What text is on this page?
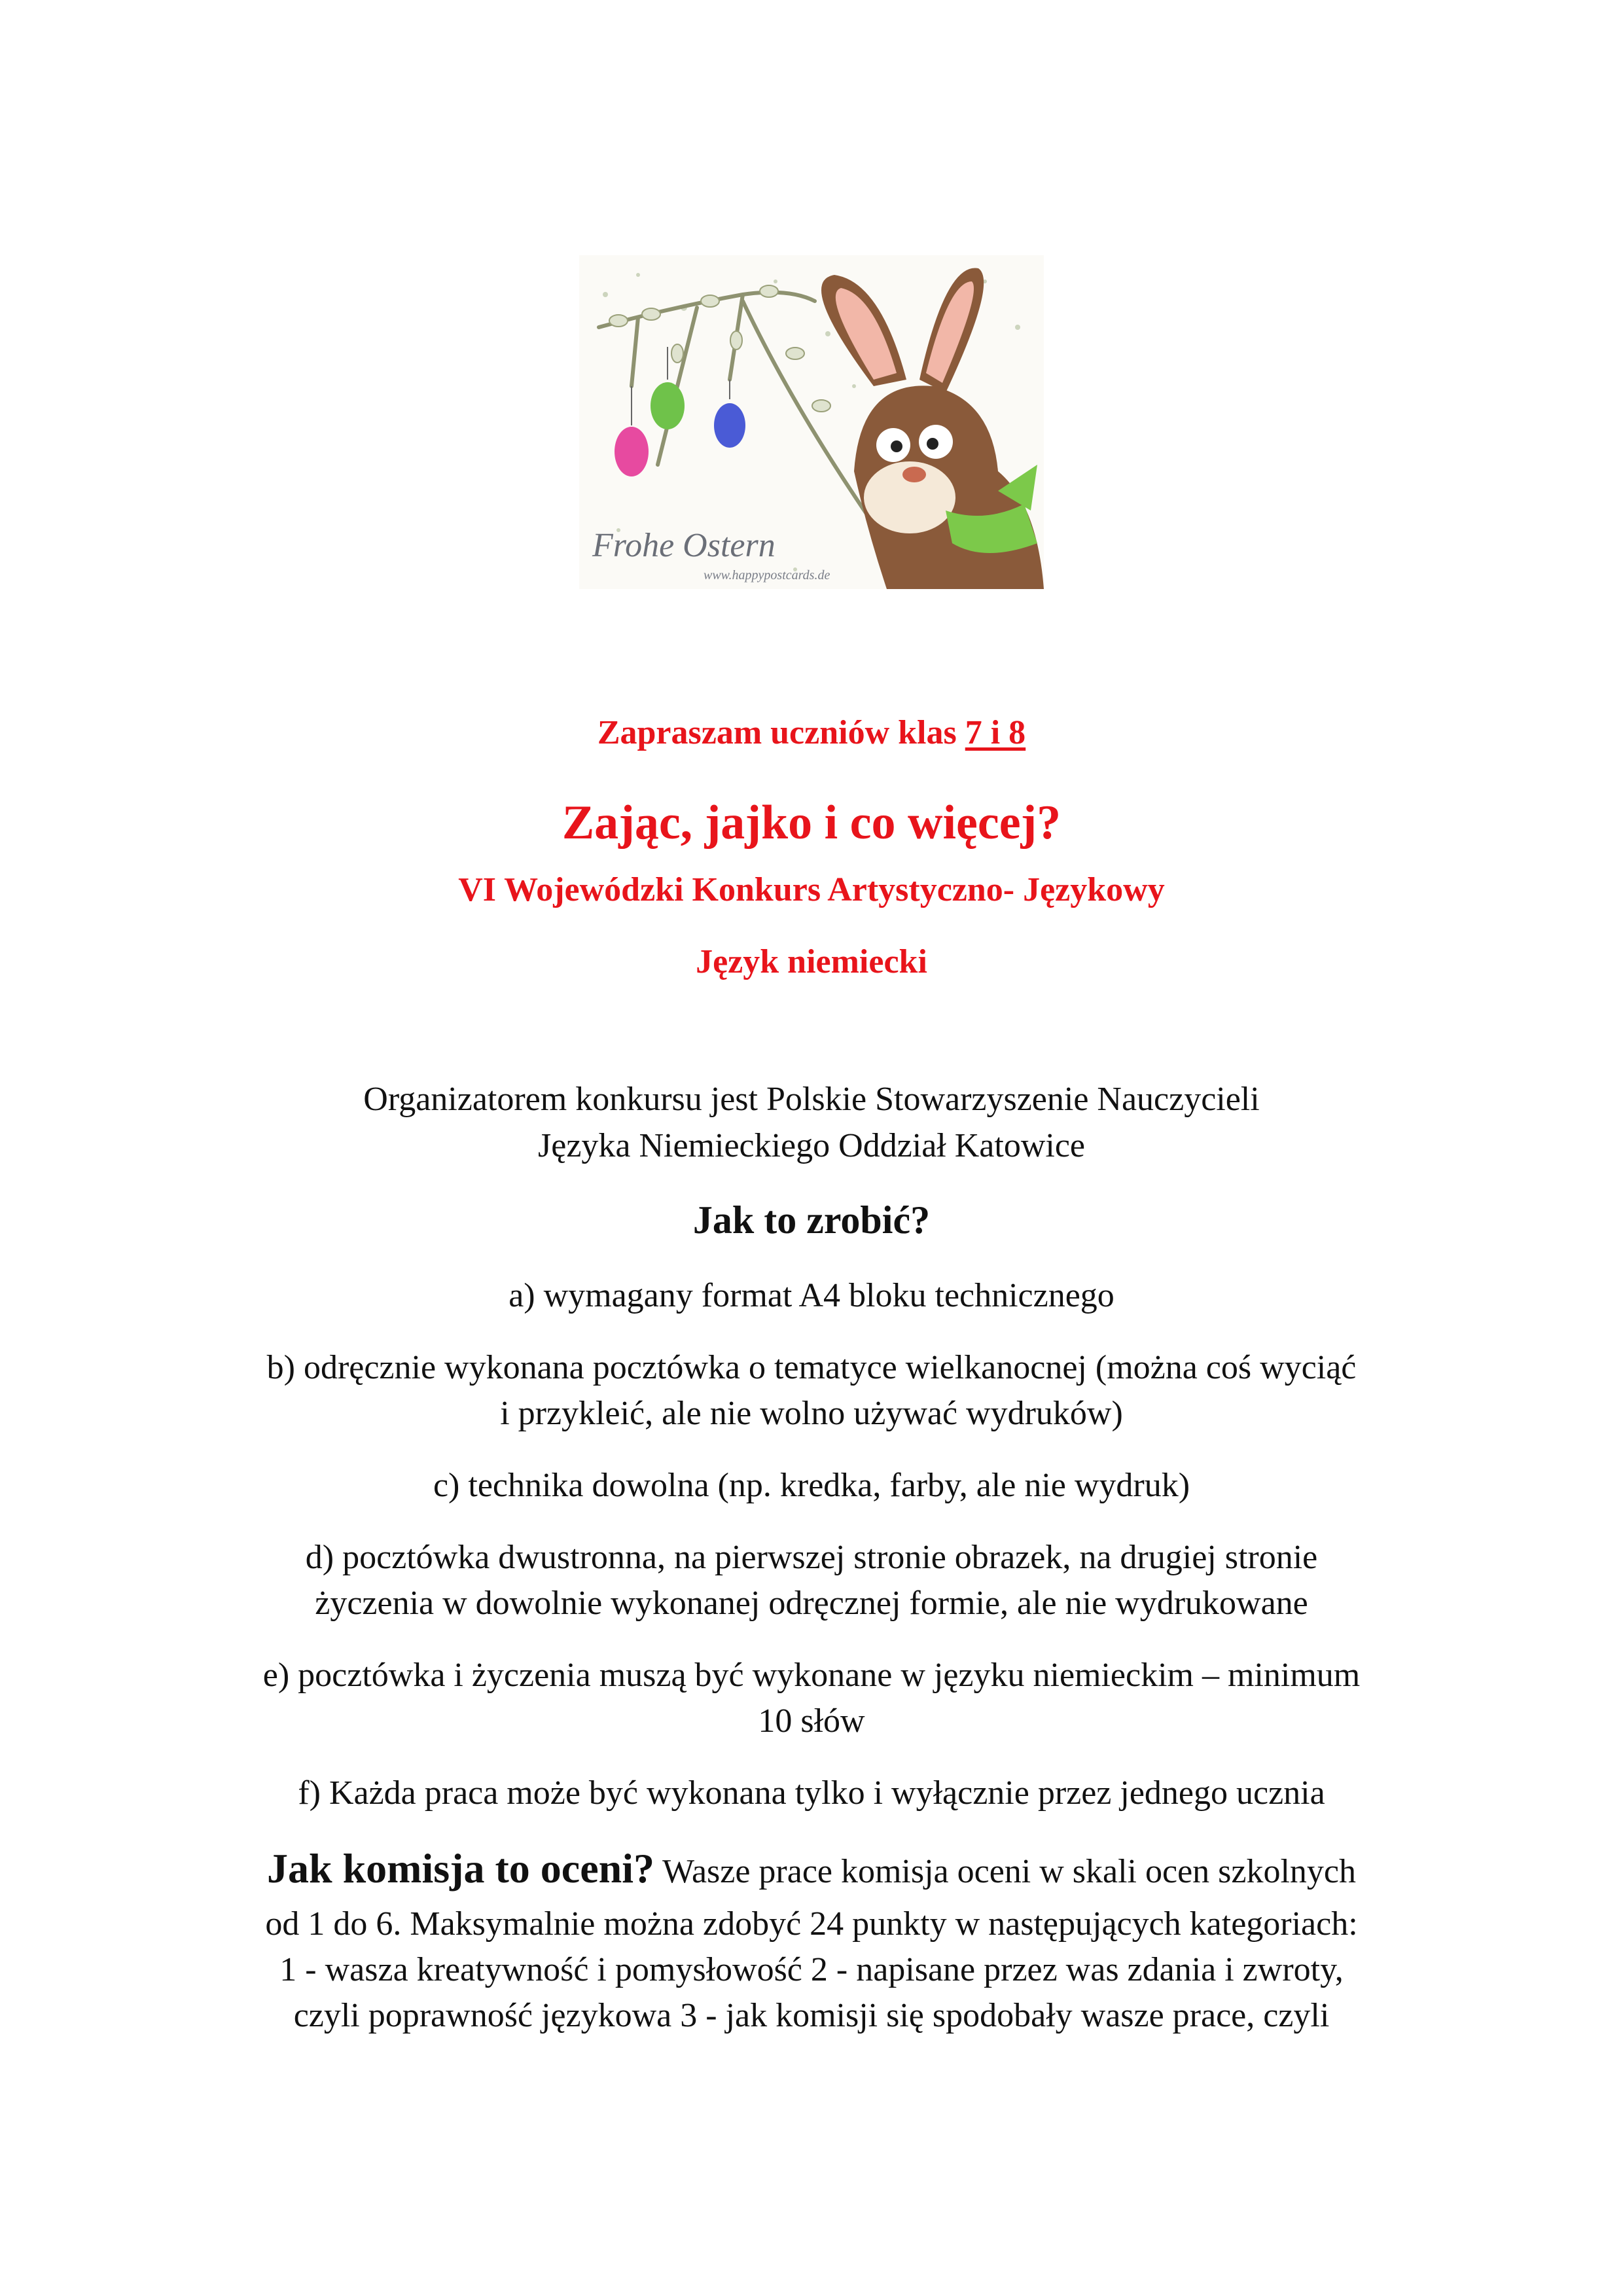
Frohe Ostern
www.happypostcards.de
Zapraszam uczniów klas 7 i 8
Zając, jajko i co więcej?
VI Wojewódzki Konkurs Artystyczno- Językowy
Język niemiecki
Organizatorem konkursu jest Polskie Stowarzyszenie Nauczycieli
Języka Niemieckiego Oddział Katowice
Jak to zrobić?
a) wymagany format A4 bloku technicznego
b) odręcznie wykonana pocztówka o tematyce wielkanocnej (można coś wyciąć
i przykleić, ale nie wolno używać wydruków)
c) technika dowolna (np. kredka, farby, ale nie wydruk)
d) pocztówka dwustronna, na pierwszej stronie obrazek, na drugiej stronie
życzenia w dowolnie wykonanej odręcznej formie, ale nie wydrukowane
e) pocztówka i życzenia muszą być wykonane w języku niemieckim – minimum
10 słów
f) Każda praca może być wykonana tylko i wyłącznie przez jednego ucznia
Jak komisja to oceni? Wasze prace komisja oceni w skali ocen szkolnych
od 1 do 6. Maksymalnie można zdobyć 24 punkty w następujących kategoriach:
1 - wasza kreatywność i pomysłowość 2 - napisane przez was zdania i zwroty,
czyli poprawność językowa 3 - jak komisji się spodobały wasze prace, czyli
